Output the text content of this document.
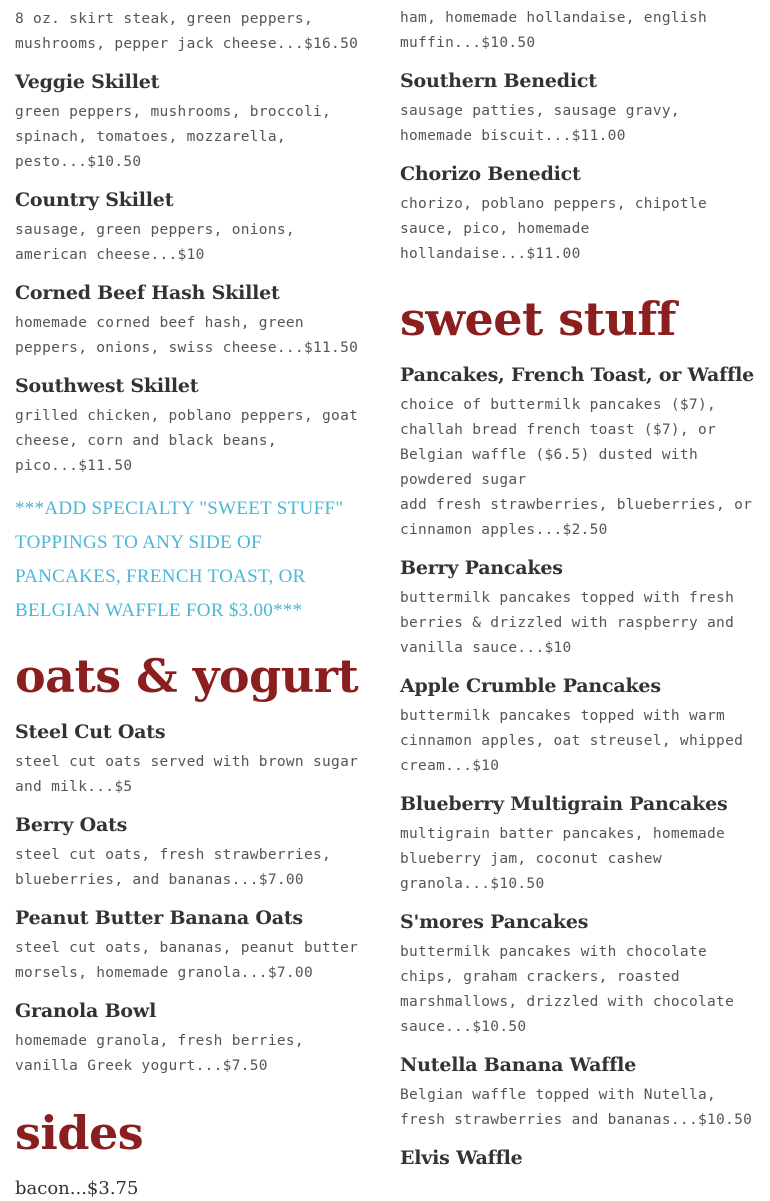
8 oz. skirt steak, green peppers, mushrooms, pepper jack cheese...$16.50

Veggie Skillet

green peppers, mushrooms, broccoli, spinach, tomatoes, mozzarella, pesto...$10.50

Country Skillet

sausage, green peppers, onions, american cheese...$10

Corned Beef Hash Skillet

homemade corned beef hash, green peppers, onions, swiss cheese...$11.50

Southwest Skillet

grilled chicken, poblano peppers, goat cheese, corn and black beans, pico...$11.50

***ADD SPECIALTY "SWEET STUFF" TOPPINGS TO ANY SIDE OF PANCAKES, FRENCH TOAST, OR BELGIAN WAFFLE FOR $3.00***

oats & yogurt
Steel Cut Oats

steel cut oats served with brown sugar and milk...$5

Berry Oats

steel cut oats, fresh strawberries, blueberries, and bananas...$7.00

Peanut Butter Banana Oats

steel cut oats, bananas, peanut butter morsels, homemade granola...$7.00

Granola Bowl

homemade granola, fresh berries, vanilla Greek yogurt...$7.50

sides

bacon...$3.75

ham, homemade hollandaise, english muffin...$10.50

Southern Benedict

sausage patties, sausage gravy, homemade biscuit...$11.00

Chorizo Benedict

chorizo, poblano peppers, chipotle sauce, pico, homemade hollandaise...$11.00

sweet stuff
Pancakes, French Toast, or Waffle

choice of buttermilk pancakes ($7), challah bread french toast ($7), or Belgian waffle ($6.5) dusted with powdered sugar

add fresh strawberries, blueberries, or cinnamon apples...$2.50

Berry Pancakes

buttermilk pancakes topped with fresh berries & drizzled with raspberry and vanilla sauce...$10

Apple Crumble Pancakes

buttermilk pancakes topped with warm cinnamon apples, oat streusel, whipped cream...$10

Blueberry Multigrain Pancakes

multigrain batter pancakes, homemade blueberry jam, coconut cashew granola...$10.50

S'mores Pancakes

buttermilk pancakes with chocolate chips, graham crackers, roasted marshmallows, drizzled with chocolate sauce...$10.50

Nutella Banana Waffle

Belgian waffle topped with Nutella, fresh strawberries and bananas...$10.50

Elvis Waffle
